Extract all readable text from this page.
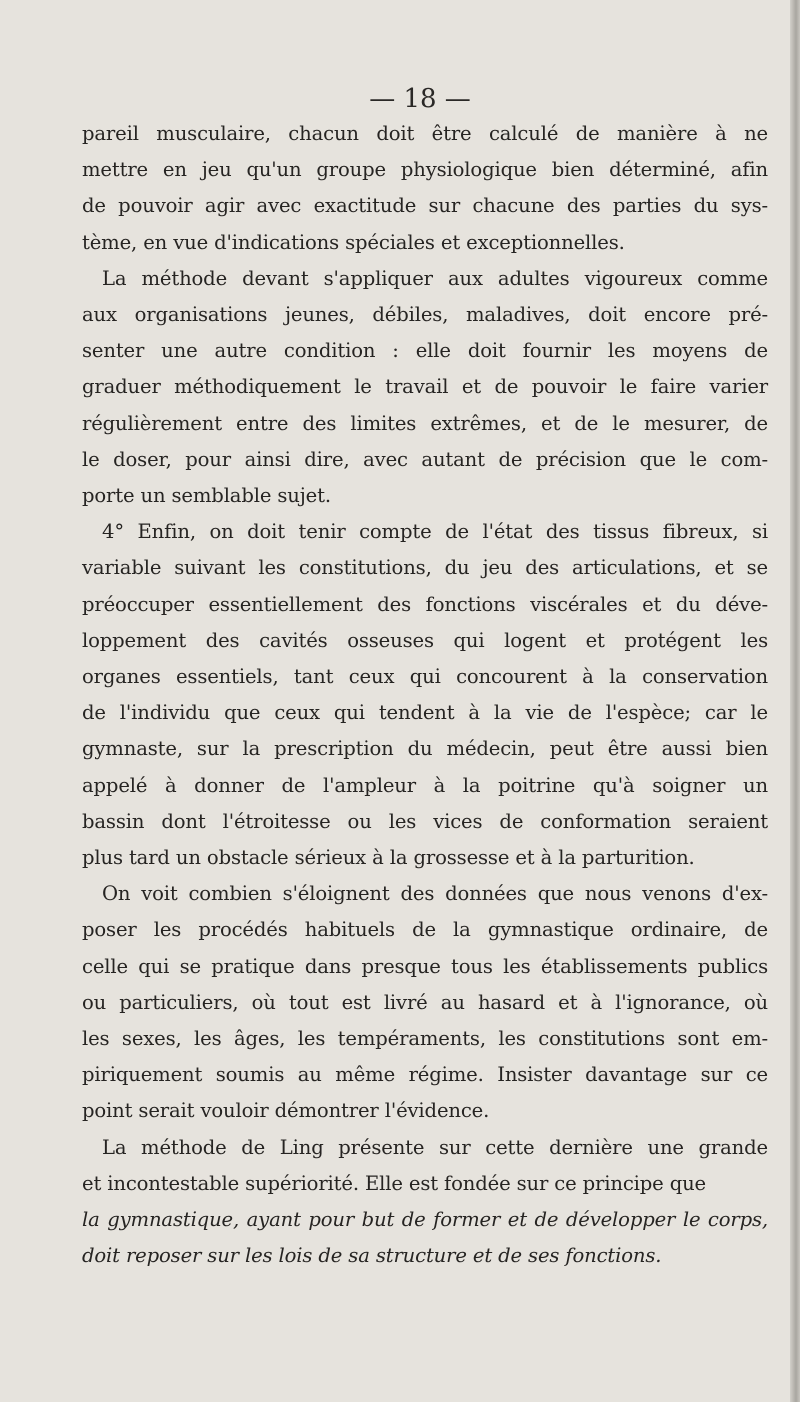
— 18 —
pareil musculaire, chacun doit être calculé de manière à ne
mettre en jeu qu'un groupe physiologique bien déterminé, afin
de pouvoir agir avec exactitude sur chacune des parties du sys-
tème, en vue d'indications spéciales et exceptionnelles.
La méthode devant s'appliquer aux adultes vigoureux comme
aux organisations jeunes, débiles, maladives, doit encore pré-
senter une autre condition : elle doit fournir les moyens de
graduer méthodiquement le travail et de pouvoir le faire varier
régulièrement entre des limites extrêmes, et de le mesurer, de
le doser, pour ainsi dire, avec autant de précision que le com-
porte un semblable sujet.
4° Enfin, on doit tenir compte de l'état des tissus fibreux, si
variable suivant les constitutions, du jeu des articulations, et se
préoccuper essentiellement des fonctions viscérales et du déve-
loppement des cavités osseuses qui logent et protégent les
organes essentiels, tant ceux qui concourent à la conservation
de l'individu que ceux qui tendent à la vie de l'espèce; car le
gymnaste, sur la prescription du médecin, peut être aussi bien
appelé à donner de l'ampleur à la poitrine qu'à soigner un
bassin dont l'étroitesse ou les vices de conformation seraient
plus tard un obstacle sérieux à la grossesse et à la parturition.
On voit combien s'éloignent des données que nous venons d'ex-
poser les procédés habituels de la gymnastique ordinaire, de
celle qui se pratique dans presque tous les établissements publics
ou particuliers, où tout est livré au hasard et à l'ignorance, où
les sexes, les âges, les tempéraments, les constitutions sont em-
piriquement soumis au même régime. Insister davantage sur ce
point serait vouloir démontrer l'évidence.
La méthode de Ling présente sur cette dernière une grande
et incontestable supériorité. Elle est fondée sur ce principe que
la gymnastique, ayant pour but de former et de développer le corps,
doit reposer sur les lois de sa structure et de ses fonctions.
